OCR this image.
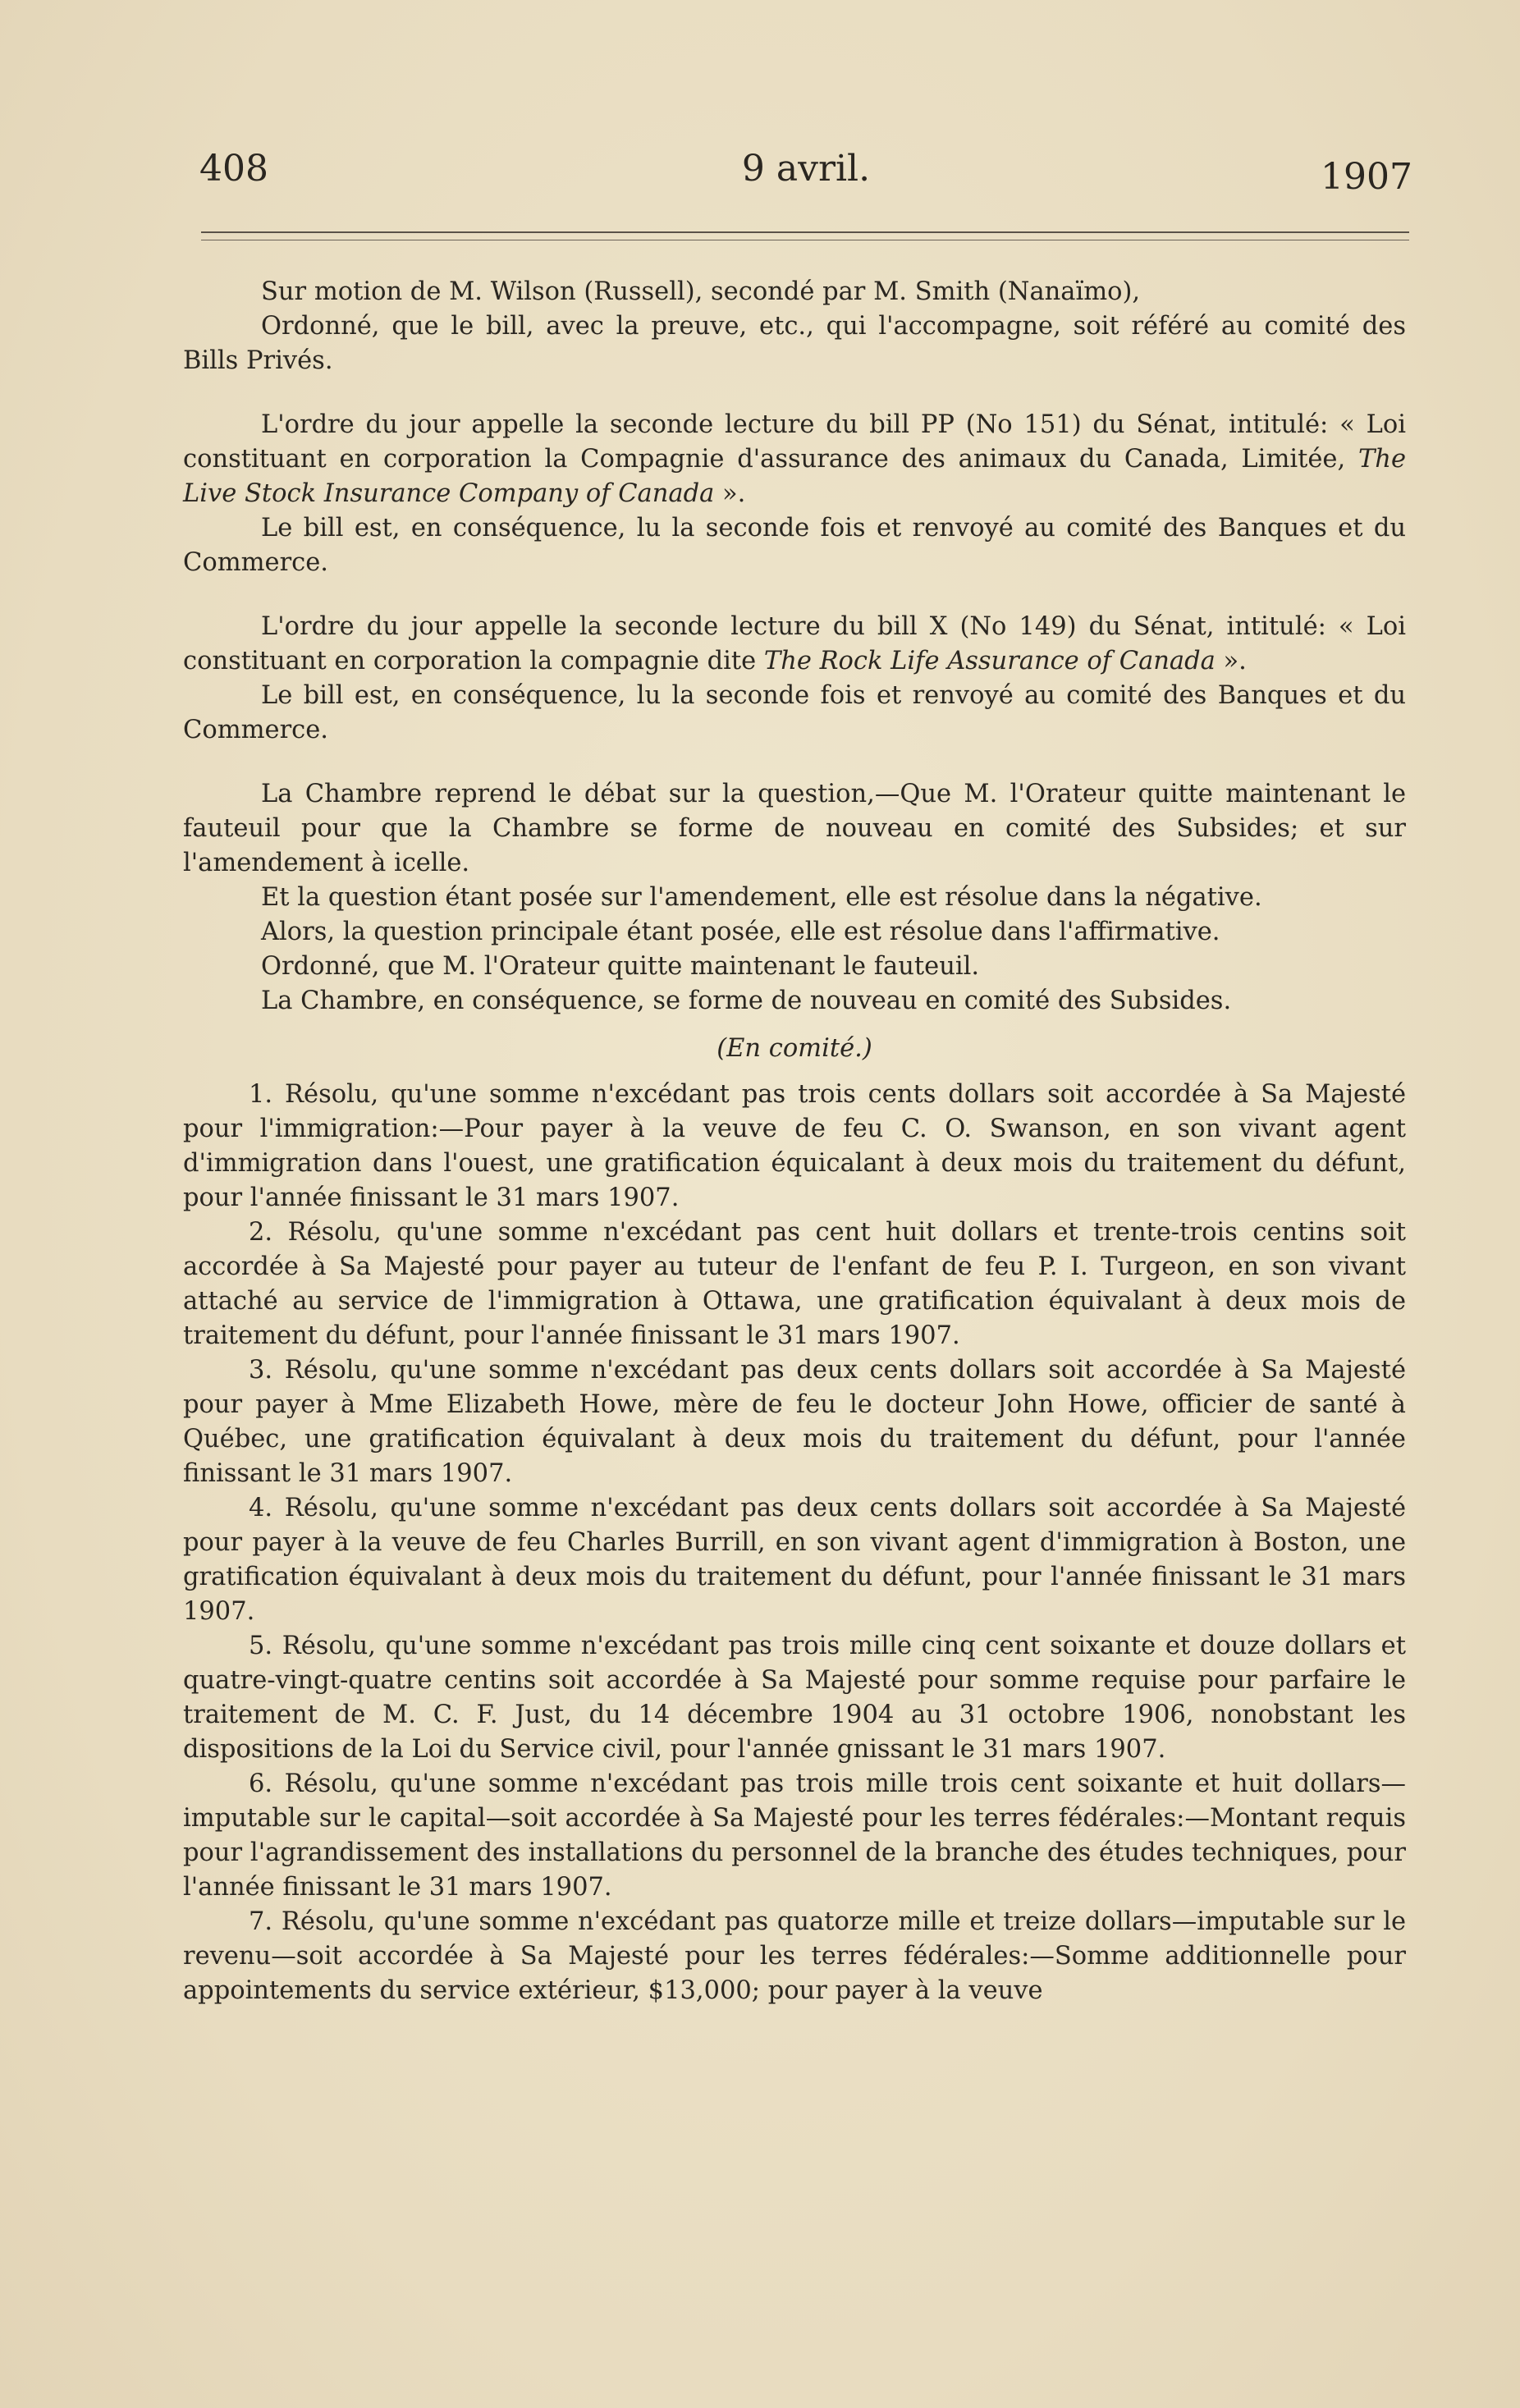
408	9 avril.	1907

Sur motion de M. Wilson (Russell), secondé par M. Smith (Nanaïmo),

Ordonné, que le bill, avec la preuve, etc., qui l'accompagne, soit référé au comité des Bills Privés.

L'ordre du jour appelle la seconde lecture du bill PP (No 151) du Sénat, intitulé: « Loi constituant en corporation la Compagnie d'assurance des animaux du Canada, Limitée, The Live Stock Insurance Company of Canada ».

Le bill est, en conséquence, lu la seconde fois et renvoyé au comité des Banques et du Commerce.

L'ordre du jour appelle la seconde lecture du bill X (No 149) du Sénat, intitulé: « Loi constituant en corporation la compagnie dite The Rock Life Assurance of Canada ».

Le bill est, en conséquence, lu la seconde fois et renvoyé au comité des Banques et du Commerce.

La Chambre reprend le débat sur la question,—Que M. l'Orateur quitte maintenant le fauteuil pour que la Chambre se forme de nouveau en comité des Subsides; et sur l'amendement à icelle.

Et la question étant posée sur l'amendement, elle est résolue dans la négative.

Alors, la question principale étant posée, elle est résolue dans l'affirmative.

Ordonné, que M. l'Orateur quitte maintenant le fauteuil.

La Chambre, en conséquence, se forme de nouveau en comité des Subsides.

(En comité.)

1. Résolu, qu'une somme n'excédant pas trois cents dollars soit accordée à Sa Majesté pour l'immigration:—Pour payer à la veuve de feu C. O. Swanson, en son vivant agent d'immigration dans l'ouest, une gratification équicalant à deux mois du traitement du défunt, pour l'année finissant le 31 mars 1907.

2. Résolu, qu'une somme n'excédant pas cent huit dollars et trente-trois centins soit accordée à Sa Majesté pour payer au tuteur de l'enfant de feu P. I. Turgeon, en son vivant attaché au service de l'immigration à Ottawa, une gratification équivalant à deux mois de traitement du défunt, pour l'année finissant le 31 mars 1907.

3. Résolu, qu'une somme n'excédant pas deux cents dollars soit accordée à Sa Majesté pour payer à Mme Elizabeth Howe, mère de feu le docteur John Howe, officier de santé à Québec, une gratification équivalant à deux mois du traitement du défunt, pour l'année finissant le 31 mars 1907.

4. Résolu, qu'une somme n'excédant pas deux cents dollars soit accordée à Sa Majesté pour payer à la veuve de feu Charles Burrill, en son vivant agent d'immigration à Boston, une gratification équivalant à deux mois du traitement du défunt, pour l'année finissant le 31 mars 1907.

5. Résolu, qu'une somme n'excédant pas trois mille cinq cent soixante et douze dollars et quatre-vingt-quatre centins soit accordée à Sa Majesté pour somme requise pour parfaire le traitement de M. C. F. Just, du 14 décembre 1904 au 31 octobre 1906, nonobstant les dispositions de la Loi du Service civil, pour l'année gnissant le 31 mars 1907.

6. Résolu, qu'une somme n'excédant pas trois mille trois cent soixante et huit dollars—imputable sur le capital—soit accordée à Sa Majesté pour les terres fédérales:—Montant requis pour l'agrandissement des installations du personnel de la branche des études techniques, pour l'année finissant le 31 mars 1907.

7. Résolu, qu'une somme n'excédant pas quatorze mille et treize dollars—imputable sur le revenu—soit accordée à Sa Majesté pour les terres fédérales:—Somme additionnelle pour appointements du service extérieur, $13,000; pour payer à la veuve
